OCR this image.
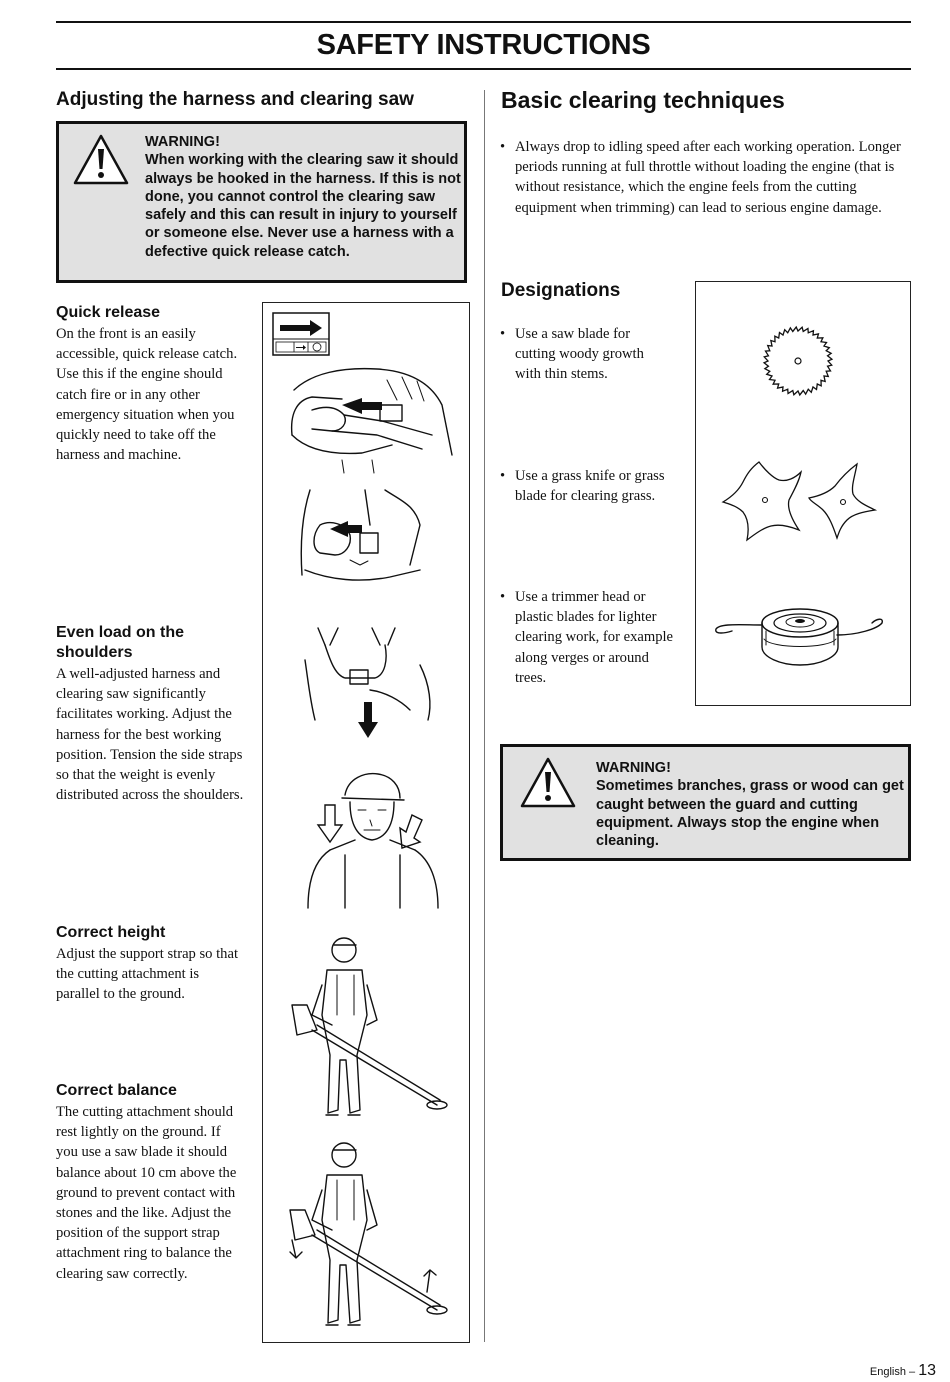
SAFETY INSTRUCTIONS
Adjusting the harness and clearing saw
WARNING!
When working with the clearing saw it should always be hooked in the harness. If this is not done, you cannot control the clearing saw safely and this can result in injury to yourself or someone else. Never use a harness with a defective quick release catch.
Quick release
On the front is an easily accessible, quick release catch. Use this if the engine should catch fire or in any other emergency situation when you quickly need to take off the harness and machine.
Even load on the shoulders
A well-adjusted harness and clearing saw significantly facilitates working. Adjust the harness for the best working position. Tension the side straps so that the weight is evenly distributed across the shoulders.
Correct height
Adjust the support strap so that the cutting attachment is parallel to the ground.
Correct balance
The cutting attachment should rest lightly on the ground. If you use a saw blade it should balance about 10 cm above the ground to prevent contact with stones and the like. Adjust the position of the support strap attachment ring to balance the clearing saw correctly.
Basic clearing techniques
• Always drop to idling speed after each working operation. Longer periods running at full throttle without loading the engine (that is without resistance, which the engine feels from the cutting equipment when trimming) can lead to serious engine damage.
Designations
• Use a saw blade for cutting woody growth with thin stems.
• Use a grass knife or grass blade for clearing grass.
• Use a trimmer head or plastic blades for lighter clearing work, for example along verges or around trees.
WARNING!
Sometimes branches, grass or wood can get caught between the guard and cutting equipment. Always stop the engine when cleaning.
English – 13
